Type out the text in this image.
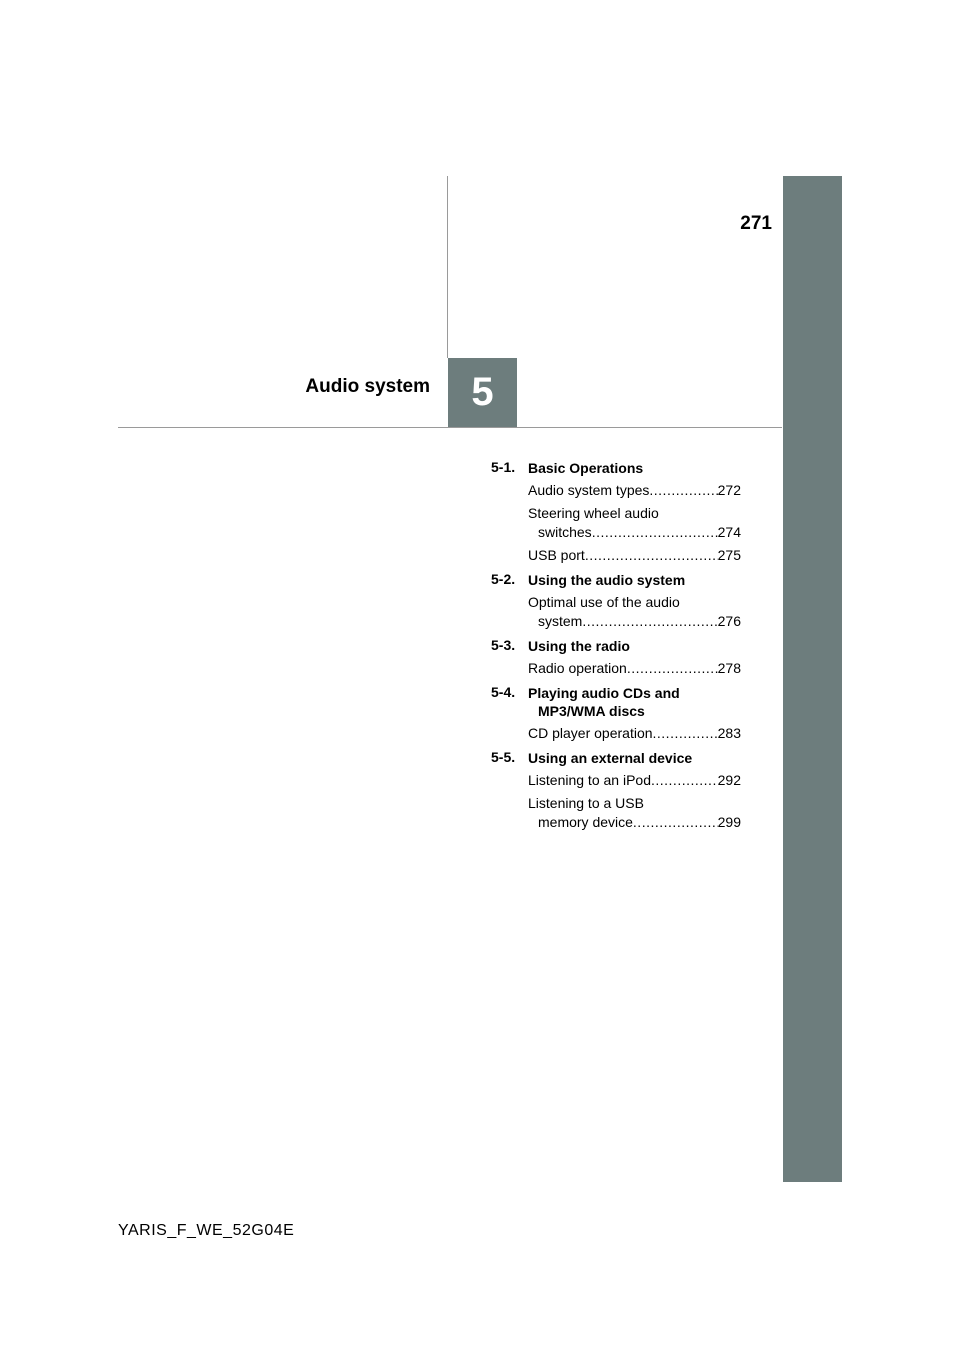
271
5
Audio system
5-1. Basic Operations
Audio system types .....	272
Steering wheel audio
switches .....	274
USB port .....	275
5-2. Using the audio system
Optimal use of the audio
system .....	276
5-3. Using the radio
Radio operation .....	278
5-4. Playing audio CDs and
MP3/WMA discs
CD player operation .....	283
5-5. Using an external device
Listening to an iPod .....	292
Listening to a USB
memory device .....	299
YARIS_F_WE_52G04E
